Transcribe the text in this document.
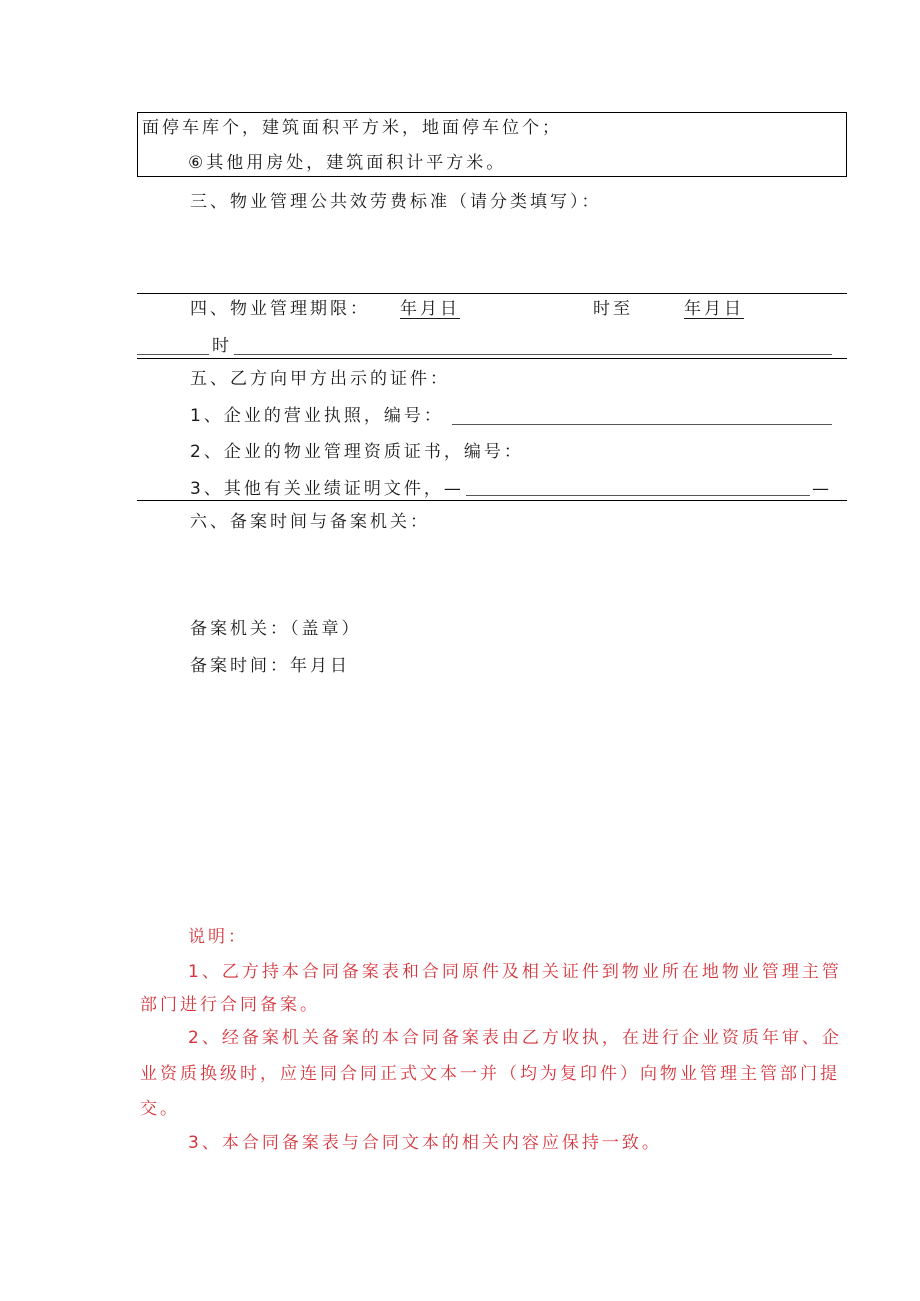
面停车库个，建筑面积平方米，地面停车位个；
⑥其他用房处，建筑面积计平方米。
三、物业管理公共效劳费标准（请分类填写）：
四、物业管理期限： 年月日	时至	年月日
时
五、乙方向甲方出示的证件：
1、企业的营业执照，编号：
2、企业的物业管理资质证书，编号：
3、其他有关业绩证明文件，—	—
六、备案时间与备案机关：
备案机关：（盖章）
备案时间：年月日
说明：
1、乙方持本合同备案表和合同原件及相关证件到物业所在地物业管理主管
部门进行合同备案。
2、经备案机关备案的本合同备案表由乙方收执，在进行企业资质年审、企
业资质换级时，应连同合同正式文本一并（均为复印件）向物业管理主管部门提
交。
3、本合同备案表与合同文本的相关内容应保持一致。
